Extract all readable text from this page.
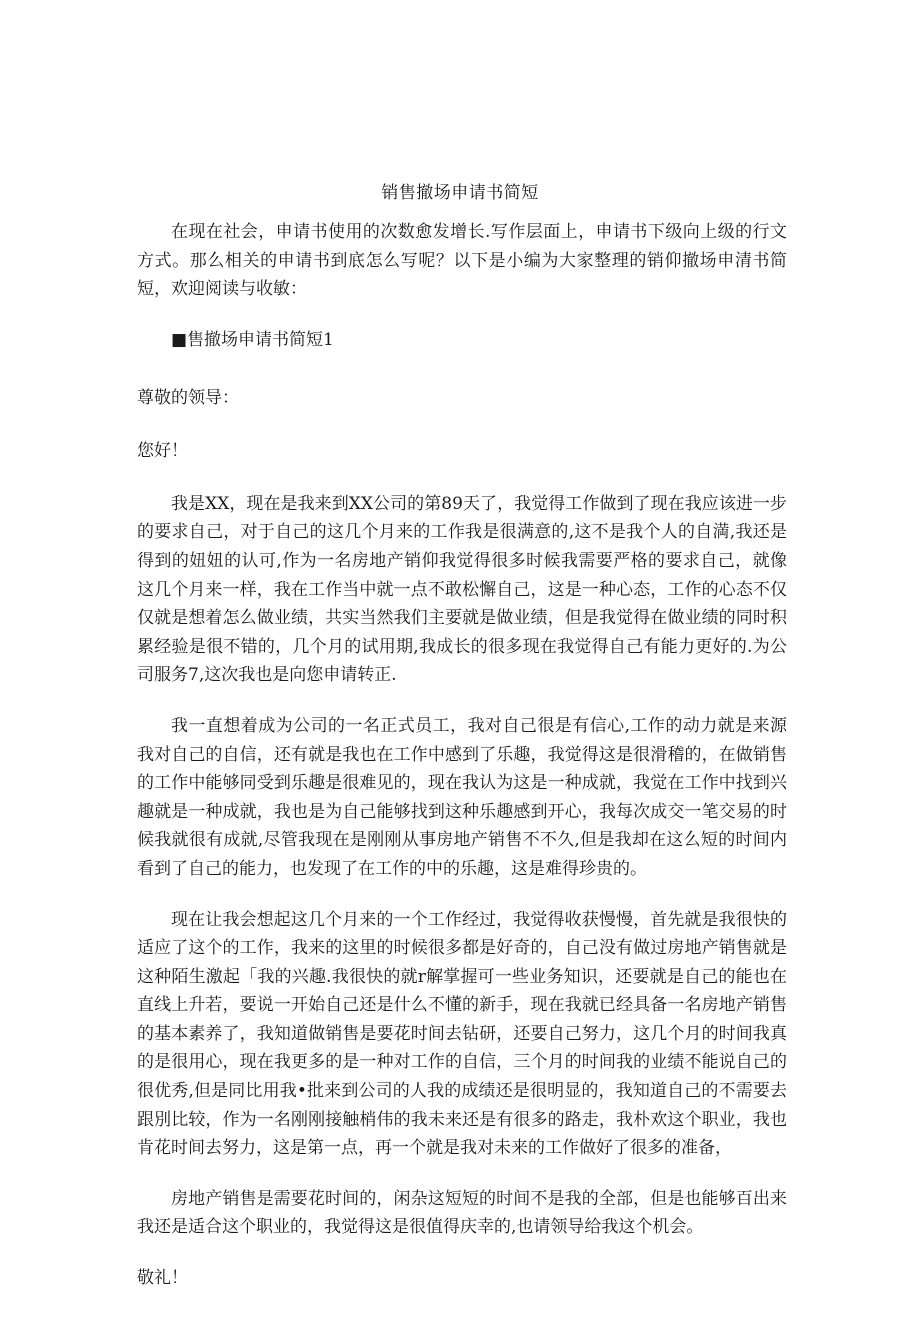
销售撤场申请书简短

在现在社会，申请书使用的次数愈发增长.写作层面上，申请书下级向上级的行文方式。那么相关的申请书到底怎么写呢？以下是小编为大家整理的销仰撤场申清书简短，欢迎阅读与收敏：

■售撤场申请书简短1

尊敬的领导：

您好！

我是XX，现在是我来到XX公司的第89天了，我觉得工作做到了现在我应该进一步的要求自己，对于自己的这几个月来的工作我是很满意的,这不是我个人的自満,我还是得到的妞妞的认可,作为一名房地产销仰我觉得很多时候我需要严格的要求自己，就像这几个月来一样，我在工作当中就一点不敢松懈自己，这是一种心态，工作的心态不仅仅就是想着怎么做业绩，共实当然我们主要就是做业绩，但是我觉得在做业绩的同时积累经验是很不错的，几个月的试用期,我成长的很多现在我觉得自己有能力更好的.为公司服务7,这次我也是向您申请转正.

我一直想着成为公司的一名正式员工，我对自己很是有信心,工作的动力就是来源我对自己的自信，还有就是我也在工作中感到了乐趣，我觉得这是很滑稽的，在做销售的工作中能够同受到乐趣是很难见的，现在我认为这是一种成就，我觉在工作中找到兴趣就是一种成就，我也是为自己能够找到这种乐趣感到开心，我每次成交一笔交易的时候我就很有成就,尽管我现在是刚刚从事房地产销售不不久,但是我却在这么短的时间内看到了自己的能力，也发现了在工作的中的乐趣，这是难得珍贵的。

现在让我会想起这几个月来的一个工作经过，我觉得收获慢慢，首先就是我很快的适应了这个的工作，我来的这里的时候很多都是好奇的，自己没有做过房地产销售就是这种陌生激起「我的兴趣.我很快的就r解掌握可一些业务知识，还要就是自己的能也在直线上升若，要说一开始自己还是什么不懂的新手，现在我就已经具备一名房地产销售的基本素养了，我知道做销售是要花时间去钻研，还要自己努力，这几个月的时间我真的是很用心，现在我更多的是一种对工作的自信，三个月的时间我的业绩不能说自己的很优秀,但是同比用我•批来到公司的人我的成绩还是很明显的，我知道自己的不需要去跟別比较，作为一名刚刚接触梢伟的我未来还是有很多的路走，我朴欢这个职业，我也肯花时间去努力，这是第一点，再一个就是我对未来的工作做好了很多的准备，

房地产销售是需要花时间的，闲杂这短短的时间不是我的全部，但是也能够百出来我还是适合这个职业的，我觉得这是很值得庆幸的,也请领导给我这个机会。

敬礼！
